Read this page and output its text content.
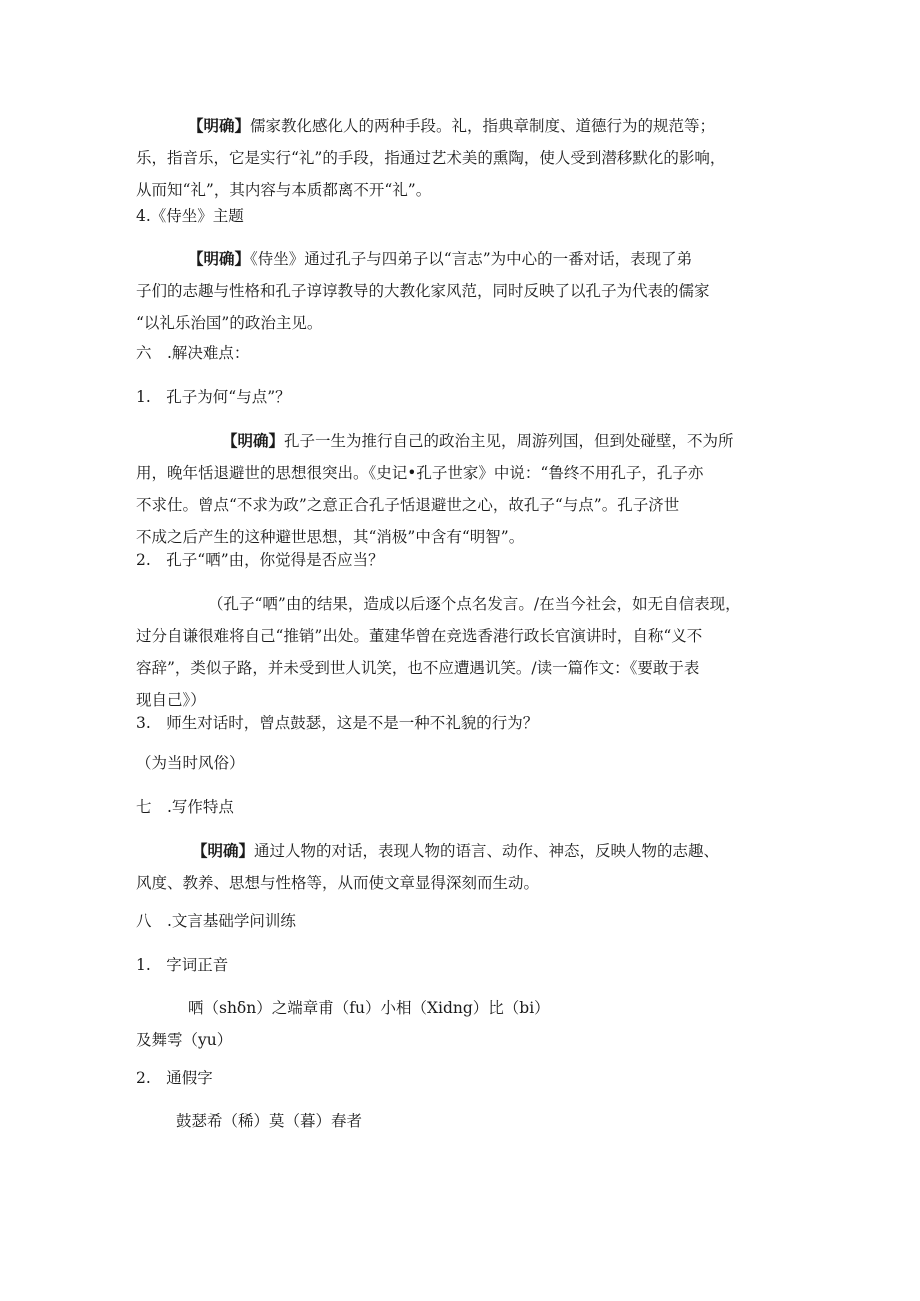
【明确】儒家教化感化人的两种手段。礼，指典章制度、道德行为的规范等；
乐，指音乐，它是实行“礼”的手段，指通过艺术美的熏陶，使人受到潜移默化的影响，
从而知“礼”，其内容与本质都离不开“礼”。
4.《侍坐》主题
【明确】《侍坐》通过孔子与四弟子以“言志”为中心的一番对话，表现了弟
子们的志趣与性格和孔子谆谆教导的大教化家风范，同时反映了以孔子为代表的儒家
“以礼乐治国”的政治主见。
六　.解决难点：
1.　孔子为何“与点”？
【明确】孔子一生为推行自己的政治主见，周游列国，但到处碰壁，不为所
用，晚年恬退避世的思想很突出。《史记•孔子世家》中说：“鲁终不用孔子，孔子亦
不求仕。曾点“不求为政”之意正合孔子恬退避世之心，故孔子“与点”。孔子济世
不成之后产生的这种避世思想，其“消极”中含有“明智”。
2.　孔子“哂”由，你觉得是否应当？
（孔子“哂”由的结果，造成以后逐个点名发言。/在当今社会，如无自信表现，
过分自谦很难将自己“推销”出处。董建华曾在竞选香港行政长官演讲时，自称“义不
容辞”，类似子路，并未受到世人讥笑，也不应遭遇讥笑。/读一篇作文：《要敢于表
现自己》）
3.　师生对话时，曾点鼓瑟，这是不是一种不礼貌的行为？
（为当时风俗）
七　.写作特点
【明确】通过人物的对话，表现人物的语言、动作、神态，反映人物的志趣、
风度、教养、思想与性格等，从而使文章显得深刻而生动。
八　.文言基础学问训练
1.　字词正音
哂（shδn）之端章甫（fu）小相（Xidng）比（bi）
及舞雩（yu）
2.　通假字
鼓瑟希（稀）莫（暮）春者
